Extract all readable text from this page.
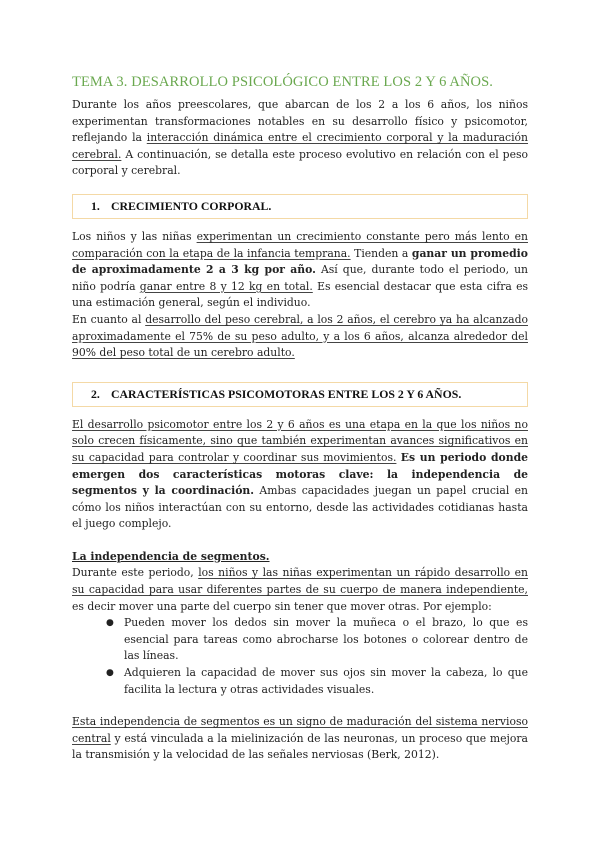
TEMA 3. DESARROLLO PSICOLÓGICO ENTRE LOS 2 Y 6 AÑOS.

Durante los años preescolares, que abarcan de los 2 a los 6 años, los niños experimentan transformaciones notables en su desarrollo físico y psicomotor, reflejando la interacción dinámica entre el crecimiento corporal y la maduración cerebral. A continuación, se detalla este proceso evolutivo en relación con el peso corporal y cerebral.

1. CRECIMIENTO CORPORAL.

Los niños y las niñas experimentan un crecimiento constante pero más lento en comparación con la etapa de la infancia temprana. Tienden a ganar un promedio de aproximadamente 2 a 3 kg por año. Así que, durante todo el periodo, un niño podría ganar entre 8 y 12 kg en total. Es esencial destacar que esta cifra es una estimación general, según el individuo.

En cuanto al desarrollo del peso cerebral, a los 2 años, el cerebro ya ha alcanzado aproximadamente el 75% de su peso adulto, y a los 6 años, alcanza alrededor del 90% del peso total de un cerebro adulto.

2. CARACTERÍSTICAS PSICOMOTORAS ENTRE LOS 2 Y 6 AÑOS.

El desarrollo psicomotor entre los 2 y 6 años es una etapa en la que los niños no solo crecen físicamente, sino que también experimentan avances significativos en su capacidad para controlar y coordinar sus movimientos. Es un periodo donde emergen dos características motoras clave: la independencia de segmentos y la coordinación. Ambas capacidades juegan un papel crucial en cómo los niños interactúan con su entorno, desde las actividades cotidianas hasta el juego complejo.

La independencia de segmentos.

Durante este periodo, los niños y las niñas experimentan un rápido desarrollo en su capacidad para usar diferentes partes de su cuerpo de manera independiente, es decir mover una parte del cuerpo sin tener que mover otras. Por ejemplo:

● Pueden mover los dedos sin mover la muñeca o el brazo, lo que es esencial para tareas como abrocharse los botones o colorear dentro de las líneas.
● Adquieren la capacidad de mover sus ojos sin mover la cabeza, lo que facilita la lectura y otras actividades visuales.

Esta independencia de segmentos es un signo de maduración del sistema nervioso central y está vinculada a la mielinización de las neuronas, un proceso que mejora la transmisión y la velocidad de las señales nerviosas (Berk, 2012).
